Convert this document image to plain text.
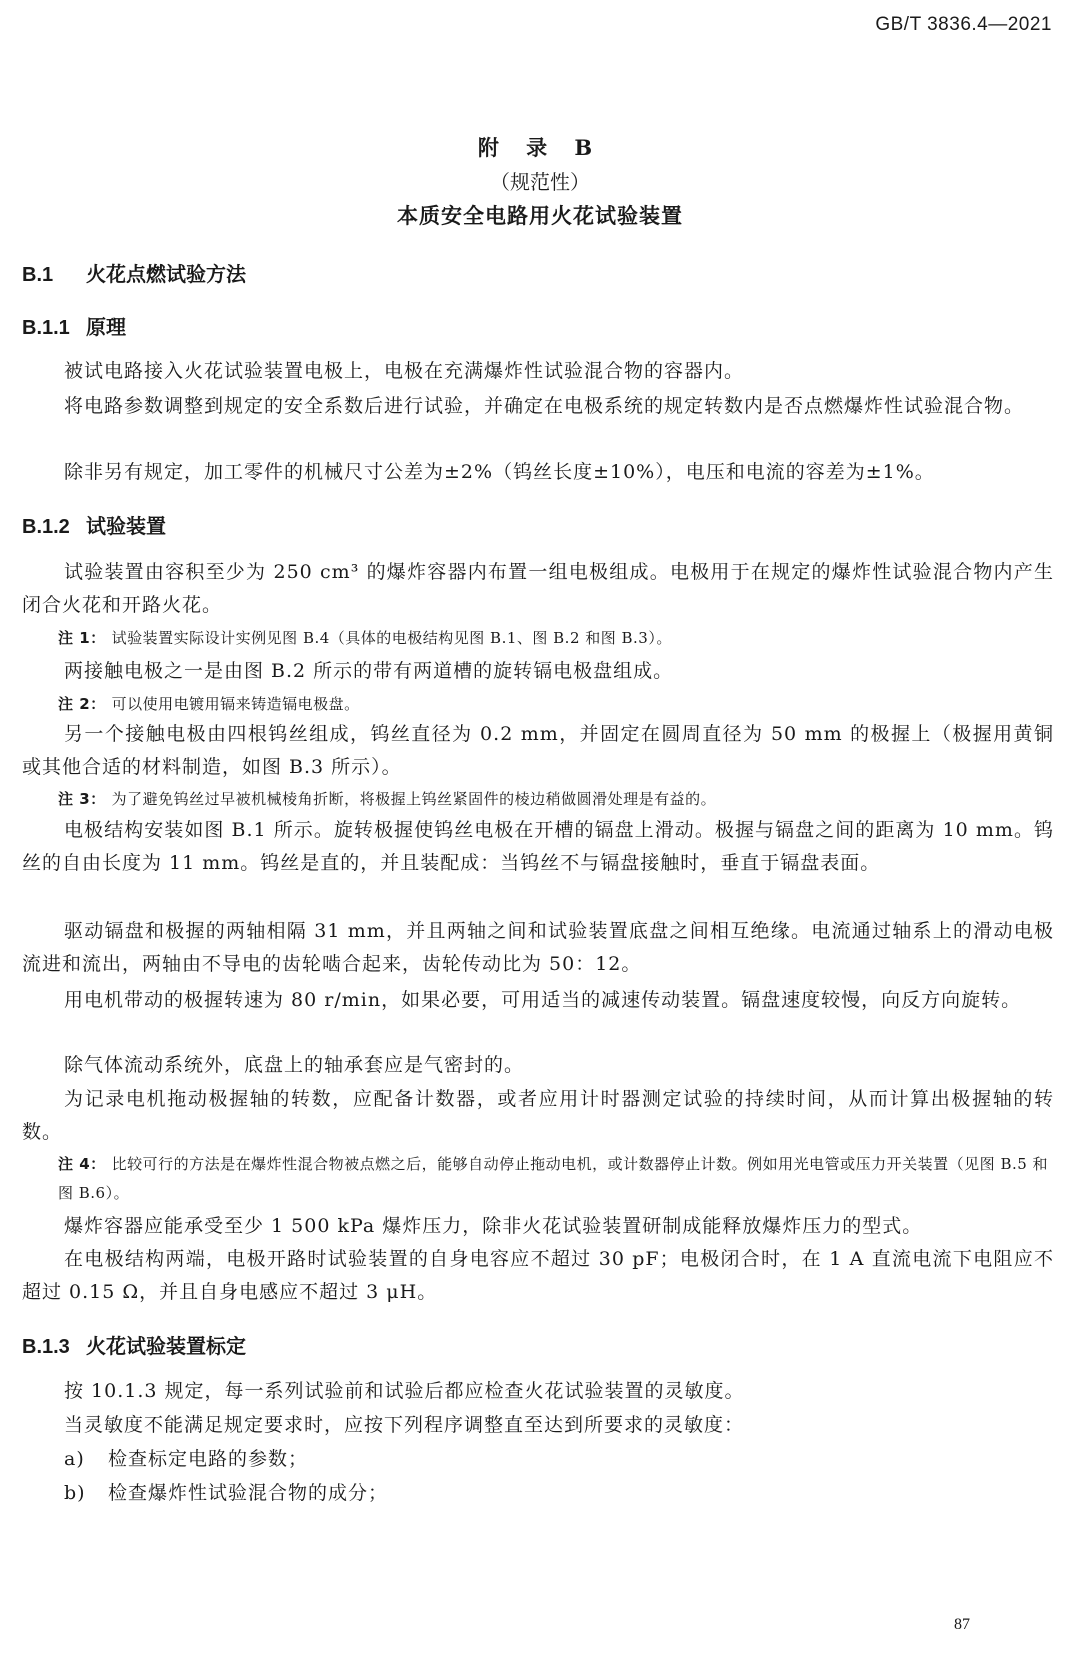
GB/T 3836.4—2021
附 录 B
（规范性）
本质安全电路用火花试验装置
B.1 火花点燃试验方法
B.1.1 原理
被试电路接入火花试验装置电极上，电极在充满爆炸性试验混合物的容器内。
将电路参数调整到规定的安全系数后进行试验，并确定在电极系统的规定转数内是否点燃爆炸性试验混合物。
除非另有规定，加工零件的机械尺寸公差为±2%（钨丝长度±10%），电压和电流的容差为±1%。
B.1.2 试验装置
试验装置由容积至少为 250 cm³ 的爆炸容器内布置一组电极组成。电极用于在规定的爆炸性试验混合物内产生闭合火花和开路火花。
注 1： 试验装置实际设计实例见图 B.4（具体的电极结构见图 B.1、图 B.2 和图 B.3）。
两接触电极之一是由图 B.2 所示的带有两道槽的旋转镉电极盘组成。
注 2： 可以使用电镀用镉来铸造镉电极盘。
另一个接触电极由四根钨丝组成，钨丝直径为 0.2 mm，并固定在圆周直径为 50 mm 的极握上（极握用黄铜或其他合适的材料制造，如图 B.3 所示）。
注 3： 为了避免钨丝过早被机械棱角折断，将极握上钨丝紧固件的棱边稍做圆滑处理是有益的。
电极结构安装如图 B.1 所示。旋转极握使钨丝电极在开槽的镉盘上滑动。极握与镉盘之间的距离为 10 mm。钨丝的自由长度为 11 mm。钨丝是直的，并且装配成：当钨丝不与镉盘接触时，垂直于镉盘表面。
驱动镉盘和极握的两轴相隔 31 mm，并且两轴之间和试验装置底盘之间相互绝缘。电流通过轴系上的滑动电极流进和流出，两轴由不导电的齿轮啮合起来，齿轮传动比为 50：12。
用电机带动的极握转速为 80 r/min，如果必要，可用适当的减速传动装置。镉盘速度较慢，向反方向旋转。
除气体流动系统外，底盘上的轴承套应是气密封的。
为记录电机拖动极握轴的转数，应配备计数器，或者应用计时器测定试验的持续时间，从而计算出极握轴的转数。
注 4： 比较可行的方法是在爆炸性混合物被点燃之后，能够自动停止拖动电机，或计数器停止计数。例如用光电管或压力开关装置（见图 B.5 和图 B.6）。
爆炸容器应能承受至少 1 500 kPa 爆炸压力，除非火花试验装置研制成能释放爆炸压力的型式。
在电极结构两端，电极开路时试验装置的自身电容应不超过 30 pF；电极闭合时，在 1 A 直流电流下电阻应不超过 0.15 Ω，并且自身电感应不超过 3 μH。
B.1.3 火花试验装置标定
按 10.1.3 规定，每一系列试验前和试验后都应检查火花试验装置的灵敏度。
当灵敏度不能满足规定要求时，应按下列程序调整直至达到所要求的灵敏度：
a) 检查标定电路的参数；
b) 检查爆炸性试验混合物的成分；
87
